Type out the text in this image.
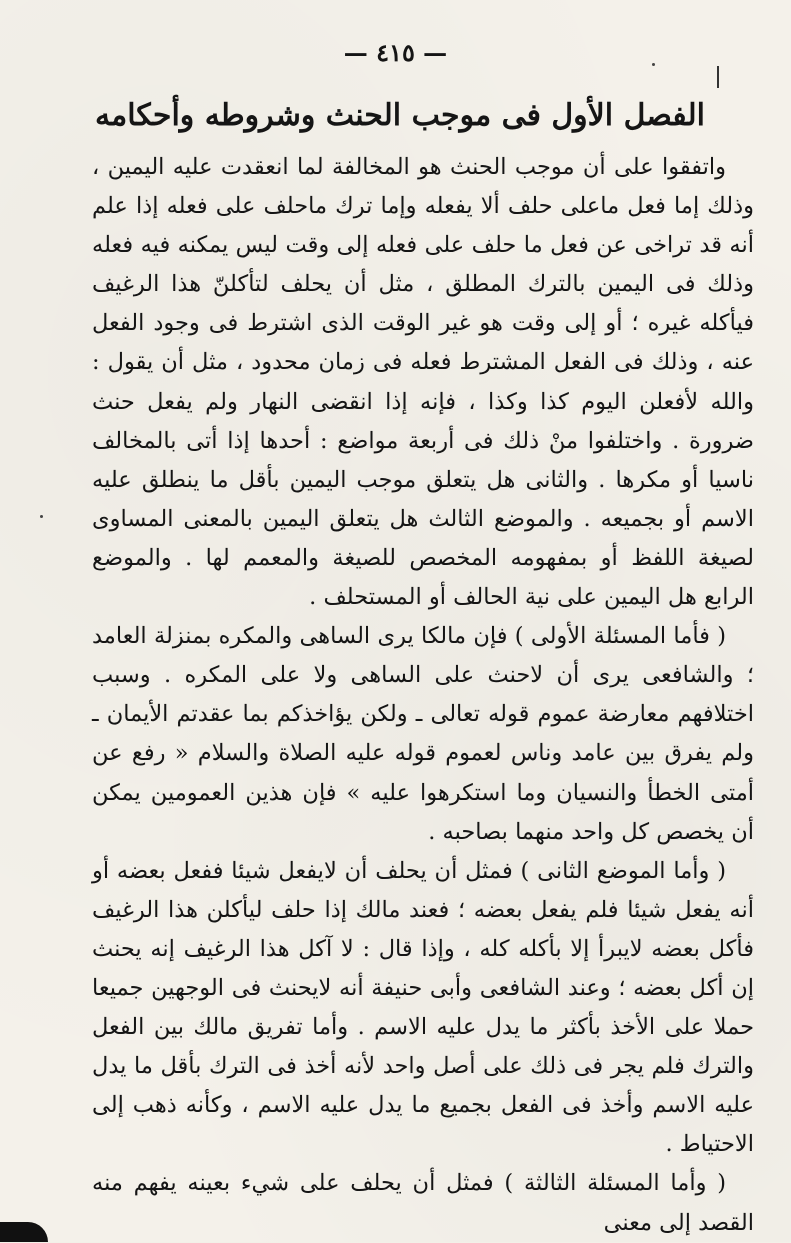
— ٤١٥ —
الفصل الأول فى موجب الحنث وشروطه وأحكامه

واتفقوا على أن موجب الحنث هو المخالفة لما انعقدت عليه اليمين ، وذلك إما فعل ماعلى حلف ألا يفعله وإما ترك ماحلف على فعله إذا علم أنه قد تراخى عن فعل ما حلف على فعله إلى وقت ليس يمكنه فيه فعله وذلك فى اليمين بالترك المطلق ، مثل أن يحلف لتأكلنّ هذا الرغيف فيأكله غيره ؛ أو إلى وقت هو غير الوقت الذى اشترط فى وجود الفعل عنه ، وذلك فى الفعل المشترط فعله فى زمان محدود ، مثل أن يقول : والله لأفعلن اليوم كذا وكذا ، فإنه إذا انقضى النهار ولم يفعل حنث ضرورة . واختلفوا منْ ذلك فى أربعة مواضع : أحدها إذا أتى بالمخالف ناسيا أو مكرها . والثانى هل يتعلق موجب اليمين بأقل ما ينطلق عليه الاسم أو بجميعه . والموضع الثالث هل يتعلق اليمين بالمعنى المساوى لصيغة اللفظ أو بمفهومه المخصص للصيغة والمعمم لها . والموضع الرابع هل اليمين على نية الحالف أو المستحلف .

( فأما المسئلة الأولى ) فإن مالكا يرى الساهى والمكره بمنزلة العامد ؛ والشافعى يرى أن لاحنث على الساهى ولا على المكره . وسبب اختلافهم معارضة عموم قوله تعالى ـ ولكن يؤاخذكم بما عقدتم الأيمان ـ ولم يفرق بين عامد وناس لعموم قوله عليه الصلاة والسلام « رفع عن أمتى الخطأ والنسيان وما استكرهوا عليه » فإن هذين العمومين يمكن أن يخصص كل واحد منهما بصاحبه .

( وأما الموضع الثانى ) فمثل أن يحلف أن لايفعل شيئا ففعل بعضه أو أنه يفعل شيئا فلم يفعل بعضه ؛ فعند مالك إذا حلف ليأكلن هذا الرغيف فأكل بعضه لايبرأ إلا بأكله كله ، وإذا قال : لا آكل هذا الرغيف إنه يحنث إن أكل بعضه ؛ وعند الشافعى وأبى حنيفة أنه لايحنث فى الوجهين جميعا حملا على الأخذ بأكثر ما يدل عليه الاسم . وأما تفريق مالك بين الفعل والترك فلم يجر فى ذلك على أصل واحد لأنه أخذ فى الترك بأقل ما يدل عليه الاسم وأخذ فى الفعل بجميع ما يدل عليه الاسم ، وكأنه ذهب إلى الاحتياط .

( وأما المسئلة الثالثة ) فمثل أن يحلف على شيء بعينه يفهم منه القصد إلى معنى
